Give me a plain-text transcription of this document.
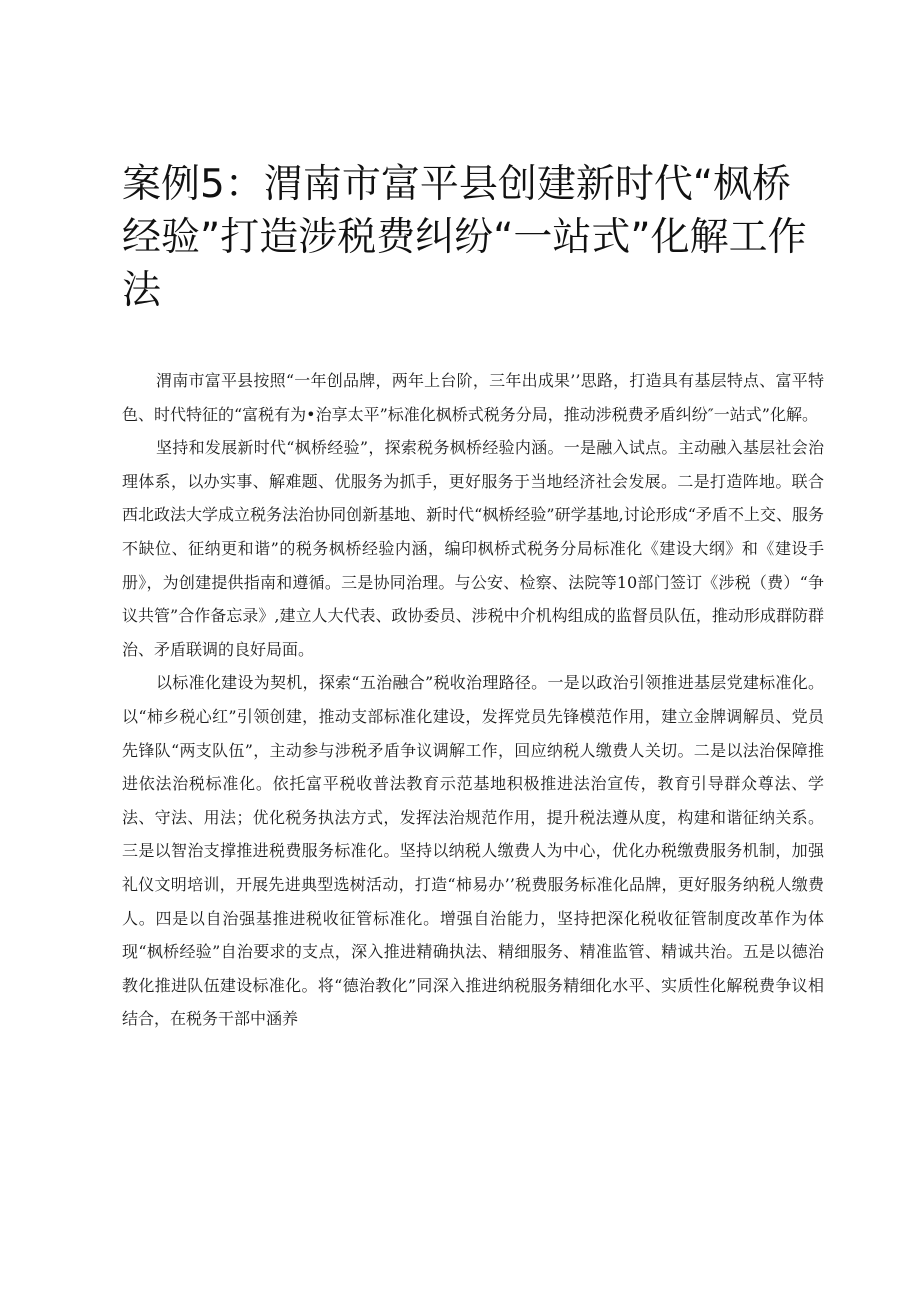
案例5：渭南市富平县创建新时代“枫桥经验”打造涉税费纠纷“一站式”化解工作法

渭南市富平县按照“一年创品牌，两年上台阶，三年出成果’’思路，打造具有基层特点、富平特色、时代特征的“富税有为•治享太平”标准化枫桥式税务分局，推动涉税费矛盾纠纷″一站式”化解。

坚持和发展新时代“枫桥经验”，探索税务枫桥经验内涵。一是融入试点。主动融入基层社会治理体系，以办实事、解难题、优服务为抓手，更好服务于当地经济社会发展。二是打造阵地。联合西北政法大学成立税务法治协同创新基地、新时代“枫桥经验”研学基地,讨论形成“矛盾不上交、服务不缺位、征纳更和谐”的税务枫桥经验内涵，编印枫桥式税务分局标准化《建设大纲》和《建设手册》，为创建提供指南和遵循。三是协同治理。与公安、检察、法院等10部门签订《涉税（费）“争议共管”合作备忘录》,建立人大代表、政协委员、涉税中介机构组成的监督员队伍，推动形成群防群治、矛盾联调的良好局面。

以标准化建设为契机，探索“五治融合”税收治理路径。一是以政治引领推进基层党建标准化。以“柿乡税心红”引领创建，推动支部标准化建设，发挥党员先锋模范作用，建立金牌调解员、党员先锋队“两支队伍”，主动参与涉税矛盾争议调解工作，回应纳税人缴费人关切。二是以法治保障推进依法治税标准化。依托富平税收普法教育示范基地积极推进法治宣传，教育引导群众尊法、学法、守法、用法；优化税务执法方式，发挥法治规范作用，提升税法遵从度，构建和谐征纳关系。三是以智治支撑推进税费服务标准化。坚持以纳税人缴费人为中心，优化办税缴费服务机制，加强礼仪文明培训，开展先进典型选树活动，打造“柿易办’’税费服务标准化品牌，更好服务纳税人缴费人。四是以自治强基推进税收征管标准化。增强自治能力，坚持把深化税收征管制度改革作为体现“枫桥经验”自治要求的支点，深入推进精确执法、精细服务、精准监管、精诚共治。五是以德治教化推进队伍建设标准化。将“德治教化”同深入推进纳税服务精细化水平、实质性化解税费争议相结合，在税务干部中涵养
